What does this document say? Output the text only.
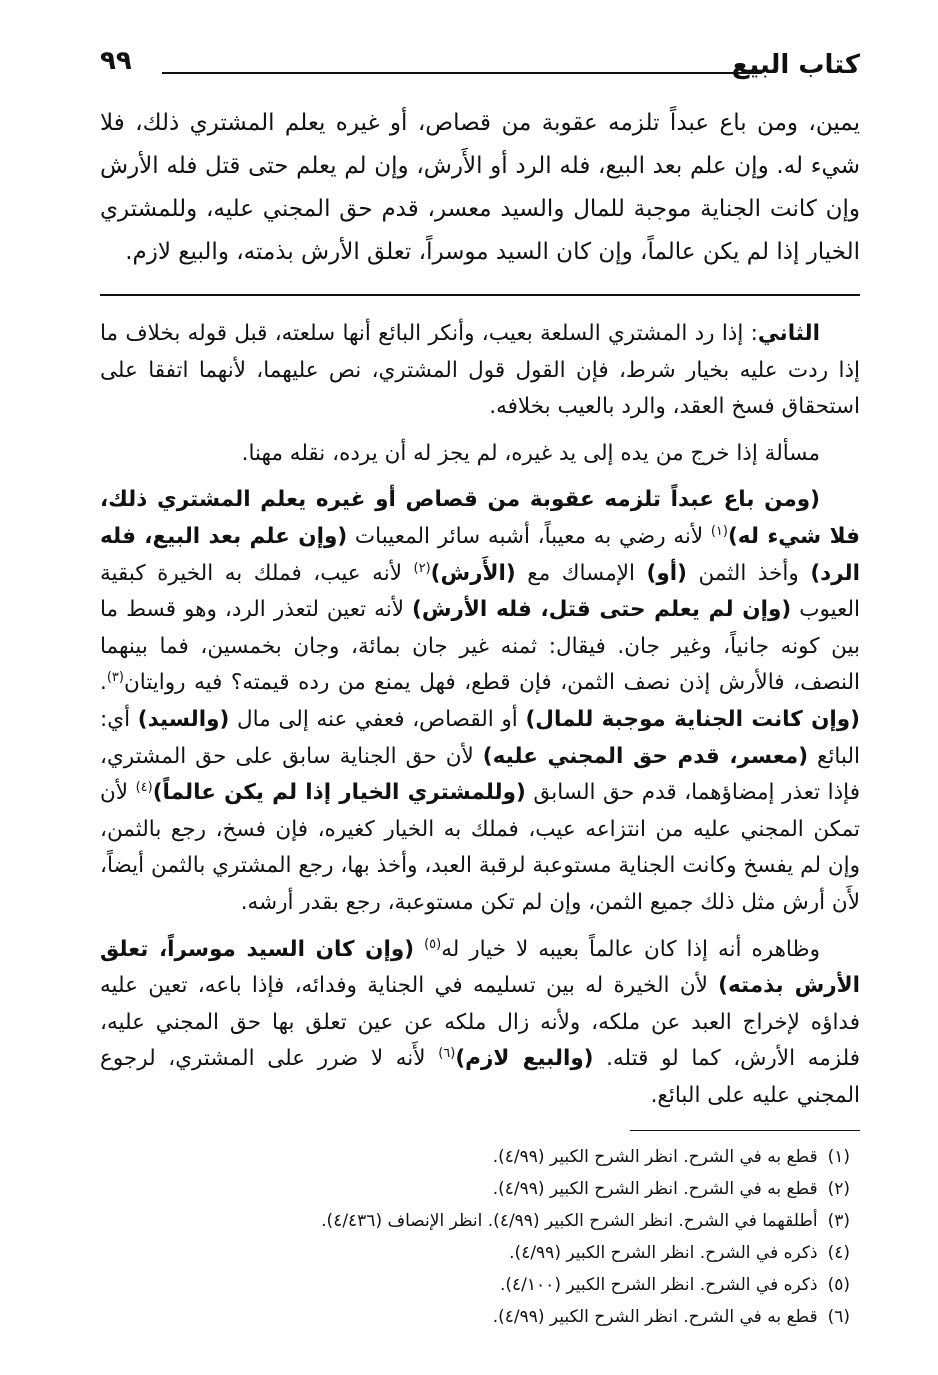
كتاب البيع
٩٩

يمين، ومن باع عبداً تلزمه عقوبة من قصاص، أو غيره يعلم المشتري ذلك، فلا شيء له. وإن علم بعد البيع، فله الرد أو الأَرش، وإن لم يعلم حتى قتل فله الأرش وإن كانت الجناية موجبة للمال والسيد معسر، قدم حق المجني عليه، وللمشتري الخيار إذا لم يكن عالماً، وإن كان السيد موسراً، تعلق الأرش بذمته، والبيع لازم.

الثاني: إذا رد المشتري السلعة بعيب، وأنكر البائع أنها سلعته، قبل قوله بخلاف ما إذا ردت عليه بخيار شرط، فإن القول قول المشتري، نص عليهما، لأنهما اتفقا على استحقاق فسخ العقد، والرد بالعيب بخلافه.

مسألة إذا خرج من يده إلى يد غيره، لم يجز له أن يرده، نقله مهنا.

(ومن باع عبداً تلزمه عقوبة من قصاص أو غيره يعلم المشتري ذلك، فلا شيء له)$^{(١)}$ لأنه رضي به معيباً، أشبه سائر المعيبات (وإن علم بعد البيع، فله الرد) وأخذ الثمن (أو) الإمساك مع (الأَرش)$^{(٢)}$ لأنه عيب، فملك به الخيرة كبقية العيوب (وإن لم يعلم حتى قتل، فله الأرش) لأنه تعين لتعذر الرد، وهو قسط ما بين كونه جانياً، وغير جان. فيقال: ثمنه غير جان بمائة، وجان بخمسين، فما بينهما النصف، فالأرش إذن نصف الثمن، فإن قطع، فهل يمنع من رده قيمته؟ فيه روايتان$^{(٣)}$. (وإن كانت الجناية موجبة للمال) أو القصاص، فعفي عنه إلى مال (والسيد) أي: البائع (معسر، قدم حق المجني عليه) لأن حق الجناية سابق على حق المشتري، فإذا تعذر إمضاؤهما، قدم حق السابق (وللمشتري الخيار إذا لم يكن عالماً)$^{(٤)}$ لأن تمكن المجني عليه من انتزاعه عيب، فملك به الخيار كغيره، فإن فسخ، رجع بالثمن، وإن لم يفسخ وكانت الجناية مستوعبة لرقبة العبد، وأخذ بها، رجع المشتري بالثمن أيضاً، لأَن أرش مثل ذلك جميع الثمن، وإن لم تكن مستوعبة، رجع بقدر أرشه.

وظاهره أنه إذا كان عالماً بعيبه لا خيار له$^{(٥)}$ (وإن كان السيد موسراً، تعلق الأرش بذمته) لأن الخيرة له بين تسليمه في الجناية وفدائه، فإذا باعه، تعين عليه فداؤه لإخراج العبد عن ملكه، ولأنه زال ملكه عن عين تعلق بها حق المجني عليه، فلزمه الأرش، كما لو قتله. (والبيع لازم)$^{(٦)}$ لأَنه لا ضرر على المشتري، لرجوع المجني عليه على البائع.

(١)قطع به في الشرح. انظر الشرح الكبير (٤/٩٩).

(٢)قطع به في الشرح. انظر الشرح الكبير (٤/٩٩).

(٣)أطلقهما في الشرح. انظر الشرح الكبير (٤/٩٩). انظر الإنصاف (٤/٤٣٦).

(٤)ذكره في الشرح. انظر الشرح الكبير (٤/٩٩).

(٥)ذكره في الشرح. انظر الشرح الكبير (٤/١٠٠).

(٦)قطع به في الشرح. انظر الشرح الكبير (٤/٩٩).
